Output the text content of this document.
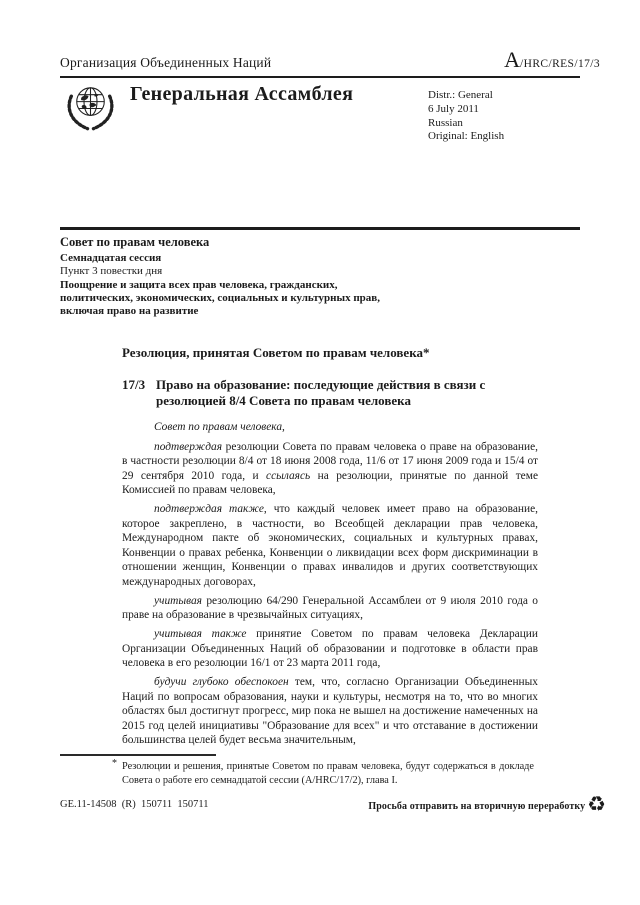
Организация Объединенных Наций	A/HRC/RES/17/3
Генеральная Ассамблея	Distr.: General
6 July 2011
Russian
Original: English
Совет по правам человека
Семнадцатая сессия
Пункт 3 повестки дня
Поощрение и защита всех прав человека, гражданских, политических, экономических, социальных и культурных прав, включая право на развитие
Резолюция, принятая Советом по правам человека*
17/3 Право на образование: последующие действия в связи с резолюцией 8/4 Совета по правам человека
Совет по правам человека,
подтверждая резолюции Совета по правам человека о праве на образование, в частности резолюции 8/4 от 18 июня 2008 года, 11/6 от 17 июня 2009 года и 15/4 от 29 сентября 2010 года, и ссылаясь на резолюции, принятые по данной теме Комиссией по правам человека,
подтверждая также, что каждый человек имеет право на образование, которое закреплено, в частности, во Всеобщей декларации прав человека, Международном пакте об экономических, социальных и культурных правах, Конвенции о правах ребенка, Конвенции о ликвидации всех форм дискриминации в отношении женщин, Конвенции о правах инвалидов и других соответствующих международных договорах,
учитывая резолюцию 64/290 Генеральной Ассамблеи от 9 июля 2010 года о праве на образование в чрезвычайных ситуациях,
учитывая также принятие Советом по правам человека Декларации Организации Объединенных Наций об образовании и подготовке в области прав человека в его резолюции 16/1 от 23 марта 2011 года,
будучи глубоко обеспокоен тем, что, согласно Организации Объединенных Наций по вопросам образования, науки и культуры, несмотря на то, что во многих областях был достигнут прогресс, мир пока не вышел на достижение намеченных на 2015 год целей инициативы "Образование для всех" и что отставание в достижении большинства целей будет весьма значительным,
* Резолюции и решения, принятые Советом по правам человека, будут содержаться в докладе Совета о работе его семнадцатой сессии (A/HRC/17/2), глава I.
GE.11-14508  (R)  150711  150711	Просьба отправить на вторичную переработку ♻
